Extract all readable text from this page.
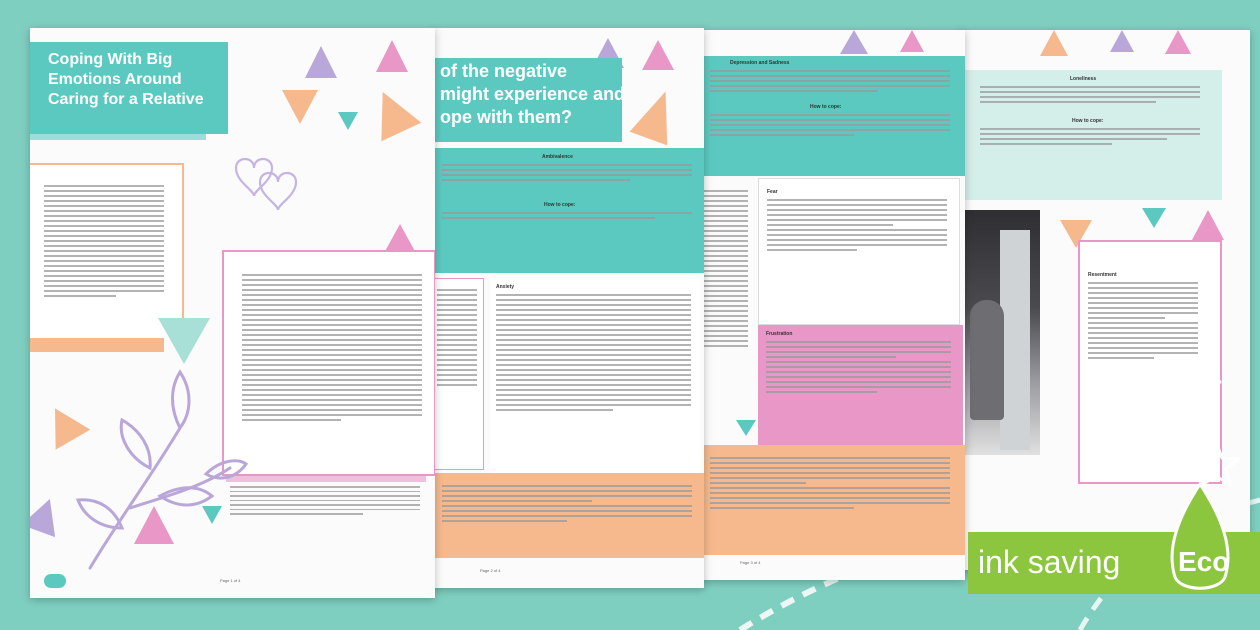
Loneliness
How to cope:
Resentment
Depression and Sadness
How to cope:
Fear
Frustration
Page 3 of 4
of the negative
might experience and
ope with them?
Ambivalence
How to cope:
Anxiety
Page 2 of 4
Coping With Big Emotions Around Caring for a Relative
Page 1 of 4
ink saving Eco
